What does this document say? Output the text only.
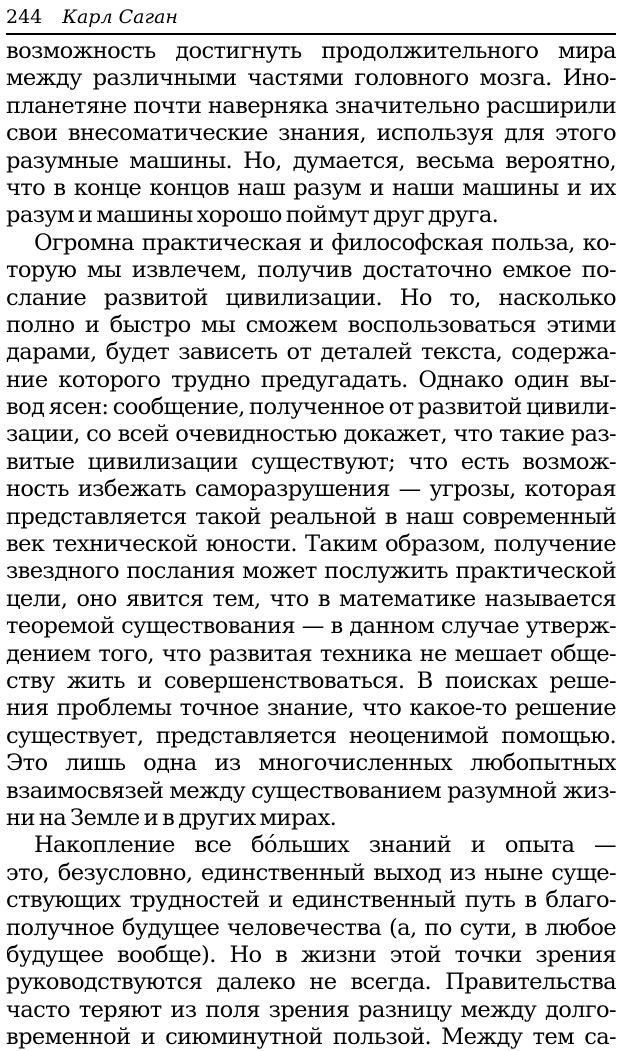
244 Карл Саган
возможность достигнуть продолжительного мира
между различными частями головного мозга. Ино-
планетяне почти наверняка значительно расширили
свои внесоматические знания, используя для этого
разумные машины. Но, думается, весьма вероятно,
что в конце концов наш разум и наши машины и их
разум и машины хорошо поймут друг друга.
Огромна практическая и философская польза, ко-
торую мы извлечем, получив достаточно емкое по-
слание развитой цивилизации. Но то, насколько
полно и быстро мы сможем воспользоваться этими
дарами, будет зависеть от деталей текста, содержа-
ние которого трудно предугадать. Однако один вы-
вод ясен: сообщение, полученное от развитой цивили-
зации, со всей очевидностью докажет, что такие раз-
витые цивилизации существуют; что есть возмож-
ность избежать саморазрушения — угрозы, которая
представляется такой реальной в наш современный
век технической юности. Таким образом, получение
звездного послания может послужить практической
цели, оно явится тем, что в математике называется
теоремой существования — в данном случае утверж-
дением того, что развитая техника не мешает обще-
ству жить и совершенствоваться. В поисках реше-
ния проблемы точное знание, что какое-то решение
существует, представляется неоценимой помощью.
Это лишь одна из многочисленных любопытных
взаимосвязей между существованием разумной жиз-
ни на Земле и в других мирах.
Накопление все бóльших знаний и опыта —
это, безусловно, единственный выход из ныне суще-
ствующих трудностей и единственный путь в благо-
получное будущее человечества (а, по сути, в любое
будущее вообще). Но в жизни этой точки зрения
руководствуются далеко не всегда. Правительства
часто теряют из поля зрения разницу между долго-
временной и сиюминутной пользой. Между тем са-
